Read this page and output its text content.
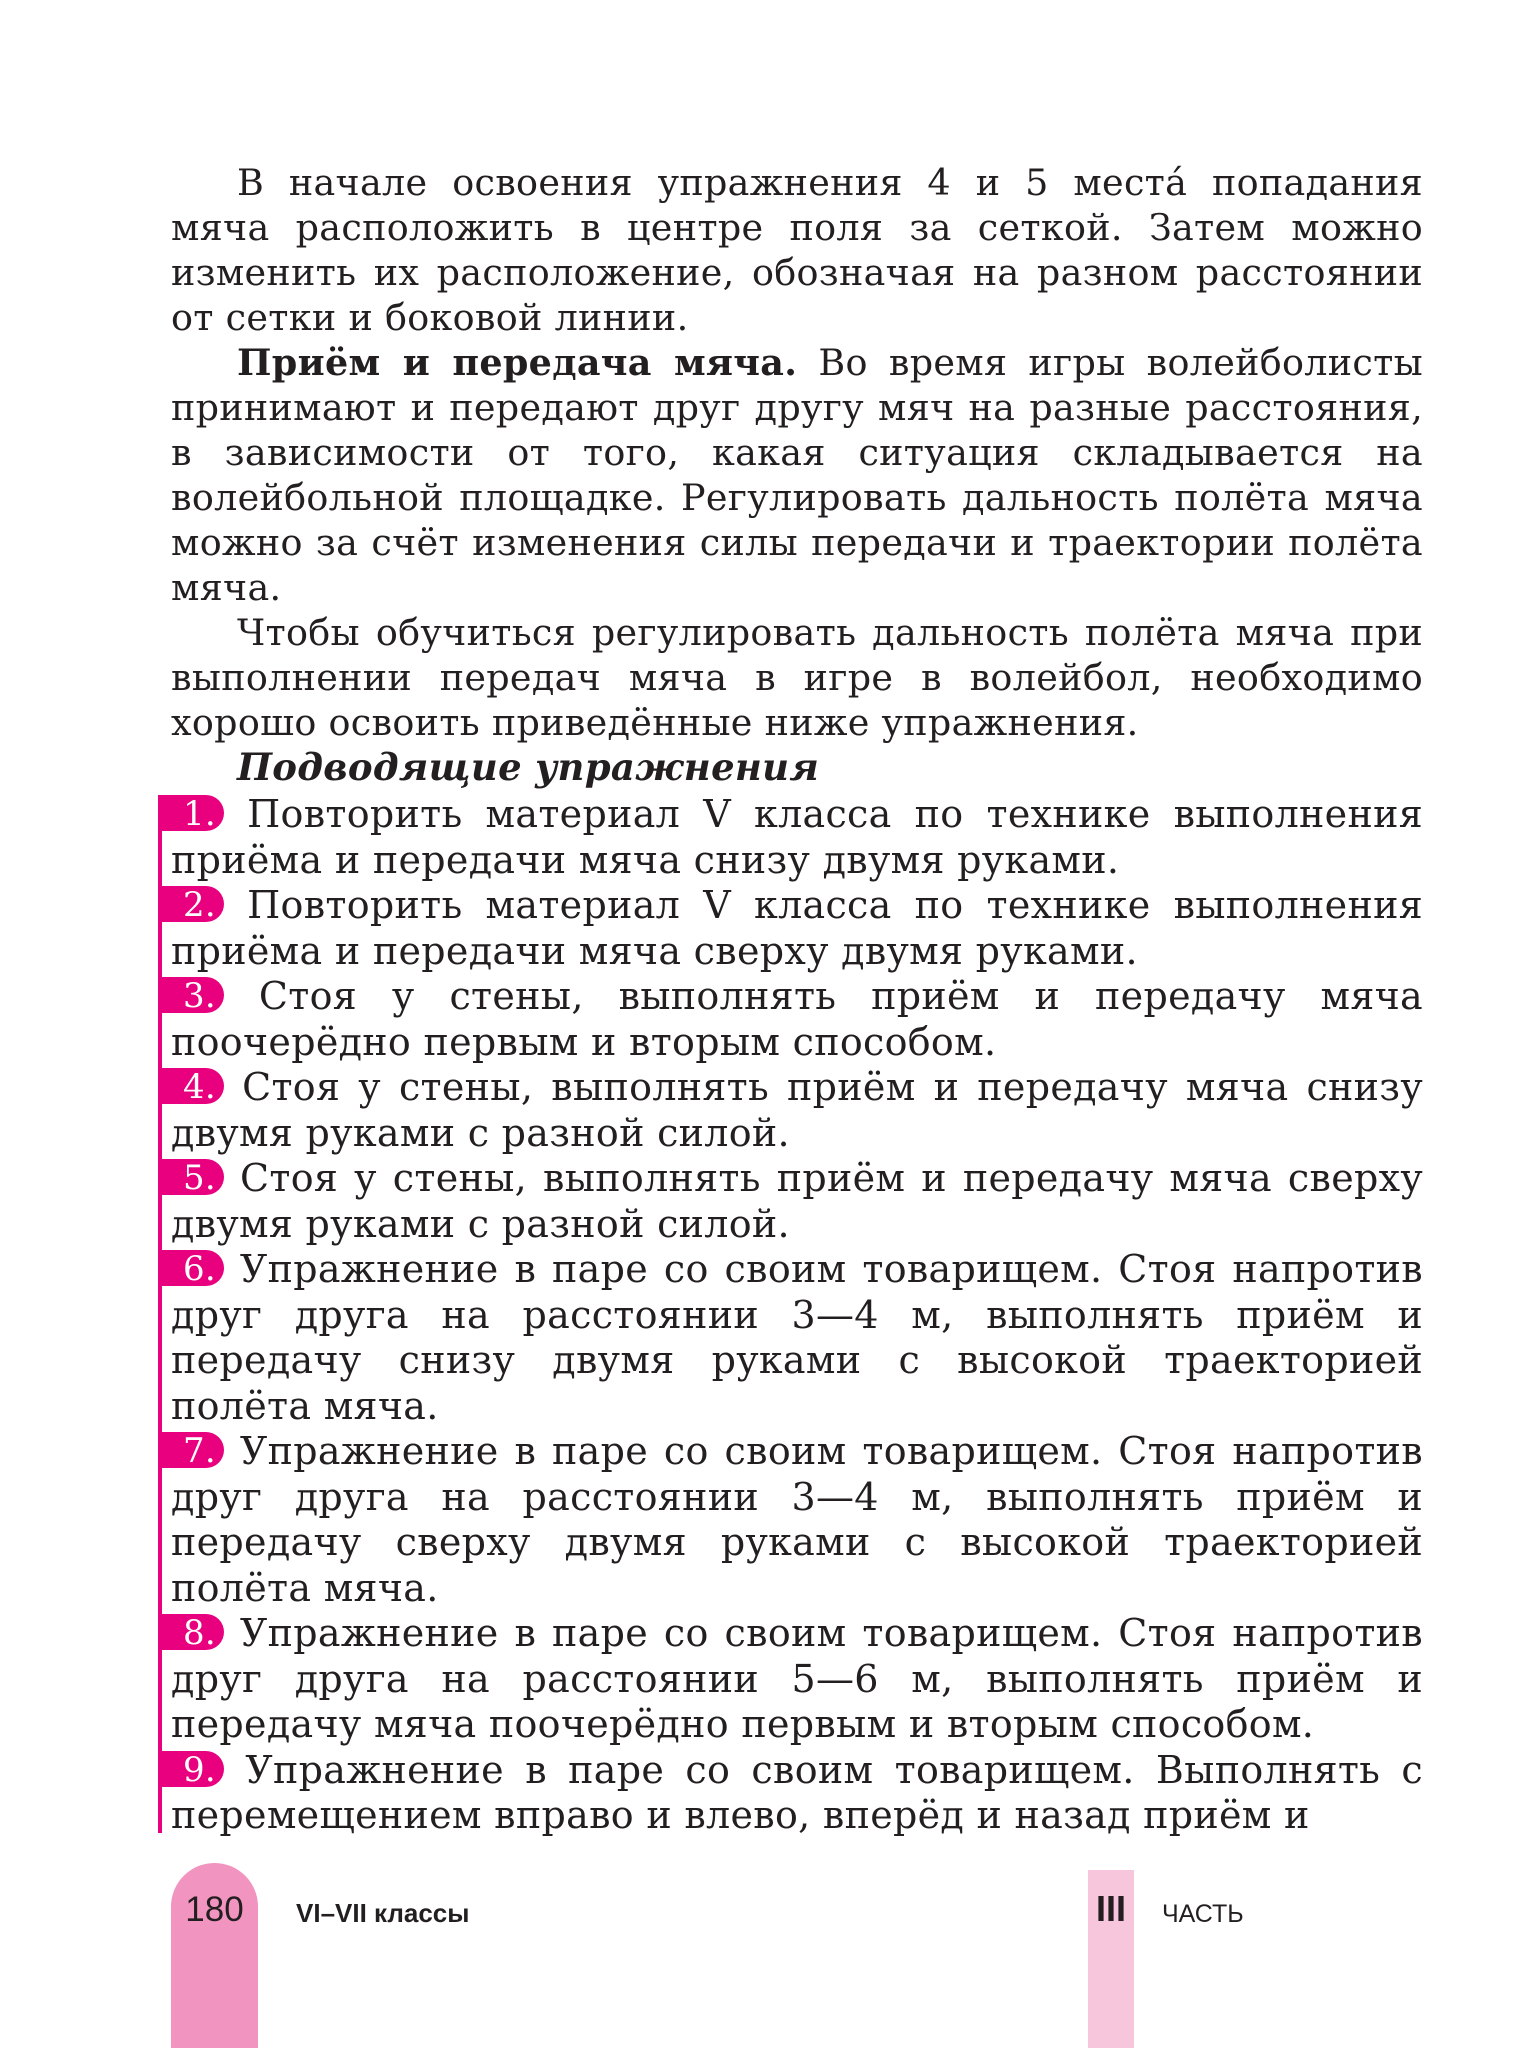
В начале освоения упражнения 4 и 5 места́ попадания мяча расположить в центре поля за сеткой. Затем можно изменить их расположение, обозначая на разном расстоянии от сетки и боковой линии.

Приём и передача мяча. Во время игры волейболисты принимают и передают друг другу мяч на разные расстояния, в зависимости от того, какая ситуация складывается на волейбольной площадке. Регулировать дальность полёта мяча можно за счёт изменения силы передачи и траектории полёта мяча.

Чтобы обучиться регулировать дальность полёта мяча при выполнении передач мяча в игре в волейбол, необходимо хорошо освоить приведённые ниже упражнения.

Подводящие упражнения

1. Повторить материал V класса по технике выполнения приёма и передачи мяча снизу двумя руками.

2. Повторить материал V класса по технике выполнения приёма и передачи мяча сверху двумя руками.

3. Стоя у стены, выполнять приём и передачу мяча поочерёдно первым и вторым способом.

4. Стоя у стены, выполнять приём и передачу мяча снизу двумя руками с разной силой.

5. Стоя у стены, выполнять приём и передачу мяча сверху двумя руками с разной силой.

6. Упражнение в паре со своим товарищем. Стоя напротив друг друга на расстоянии 3—4 м, выполнять приём и передачу снизу двумя руками с высокой траекторией полёта мяча.

7. Упражнение в паре со своим товарищем. Стоя напротив друг друга на расстоянии 3—4 м, выполнять приём и передачу сверху двумя руками с высокой траекторией полёта мяча.

8. Упражнение в паре со своим товарищем. Стоя напротив друг друга на расстоянии 5—6 м, выполнять приём и передачу мяча поочерёдно первым и вторым способом.

9. Упражнение в паре со своим товарищем. Выполнять с перемещением вправо и влево, вперёд и назад приём и

180	VI–VII классы	III	ЧАСТЬ
